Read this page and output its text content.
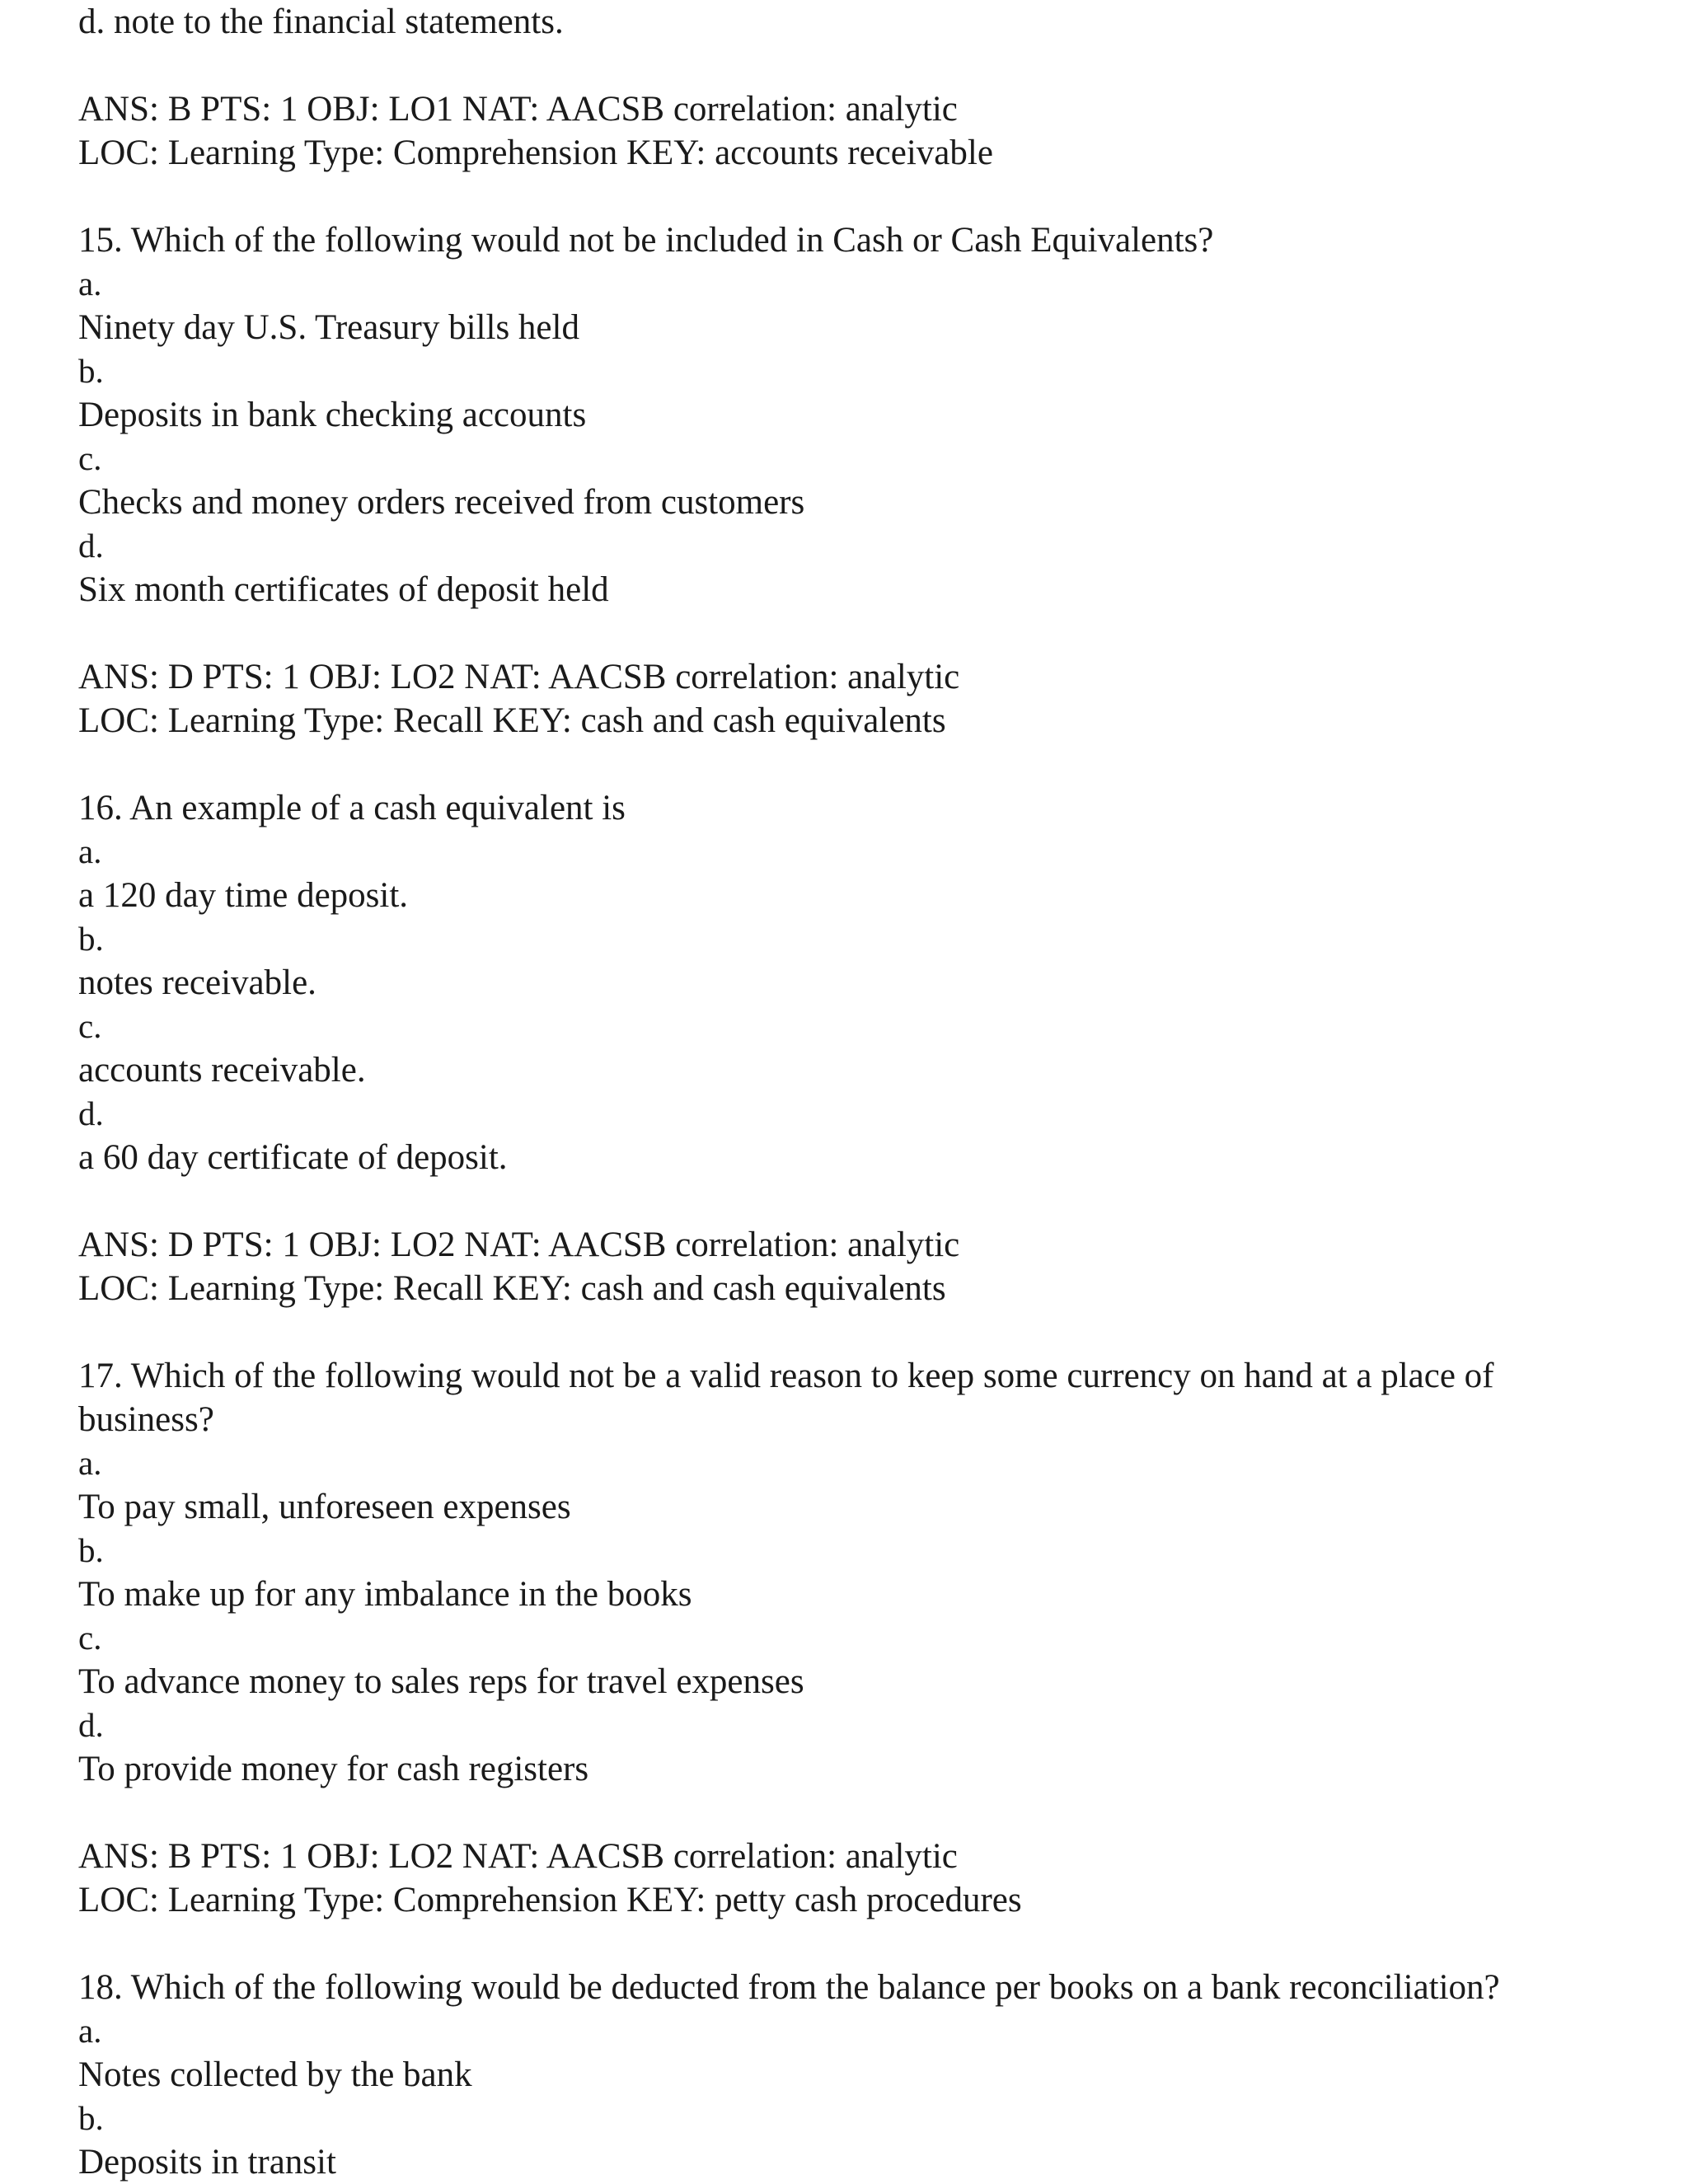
d. note to the financial statements.
ANS: B PTS: 1 OBJ: LO1 NAT: AACSB correlation: analytic
LOC: Learning Type: Comprehension KEY: accounts receivable
15. Which of the following would not be included in Cash or Cash Equivalents?
a.
Ninety day U.S. Treasury bills held
b.
Deposits in bank checking accounts
c.
Checks and money orders received from customers
d.
Six month certificates of deposit held
ANS: D PTS: 1 OBJ: LO2 NAT: AACSB correlation: analytic
LOC: Learning Type: Recall KEY: cash and cash equivalents
16. An example of a cash equivalent is
a.
a 120 day time deposit.
b.
notes receivable.
c.
accounts receivable.
d.
a 60 day certificate of deposit.
ANS: D PTS: 1 OBJ: LO2 NAT: AACSB correlation: analytic
LOC: Learning Type: Recall KEY: cash and cash equivalents
17. Which of the following would not be a valid reason to keep some currency on hand at a place of
business?
a.
To pay small, unforeseen expenses
b.
To make up for any imbalance in the books
c.
To advance money to sales reps for travel expenses
d.
To provide money for cash registers
ANS: B PTS: 1 OBJ: LO2 NAT: AACSB correlation: analytic
LOC: Learning Type: Comprehension KEY: petty cash procedures
18. Which of the following would be deducted from the balance per books on a bank reconciliation?
a.
Notes collected by the bank
b.
Deposits in transit
